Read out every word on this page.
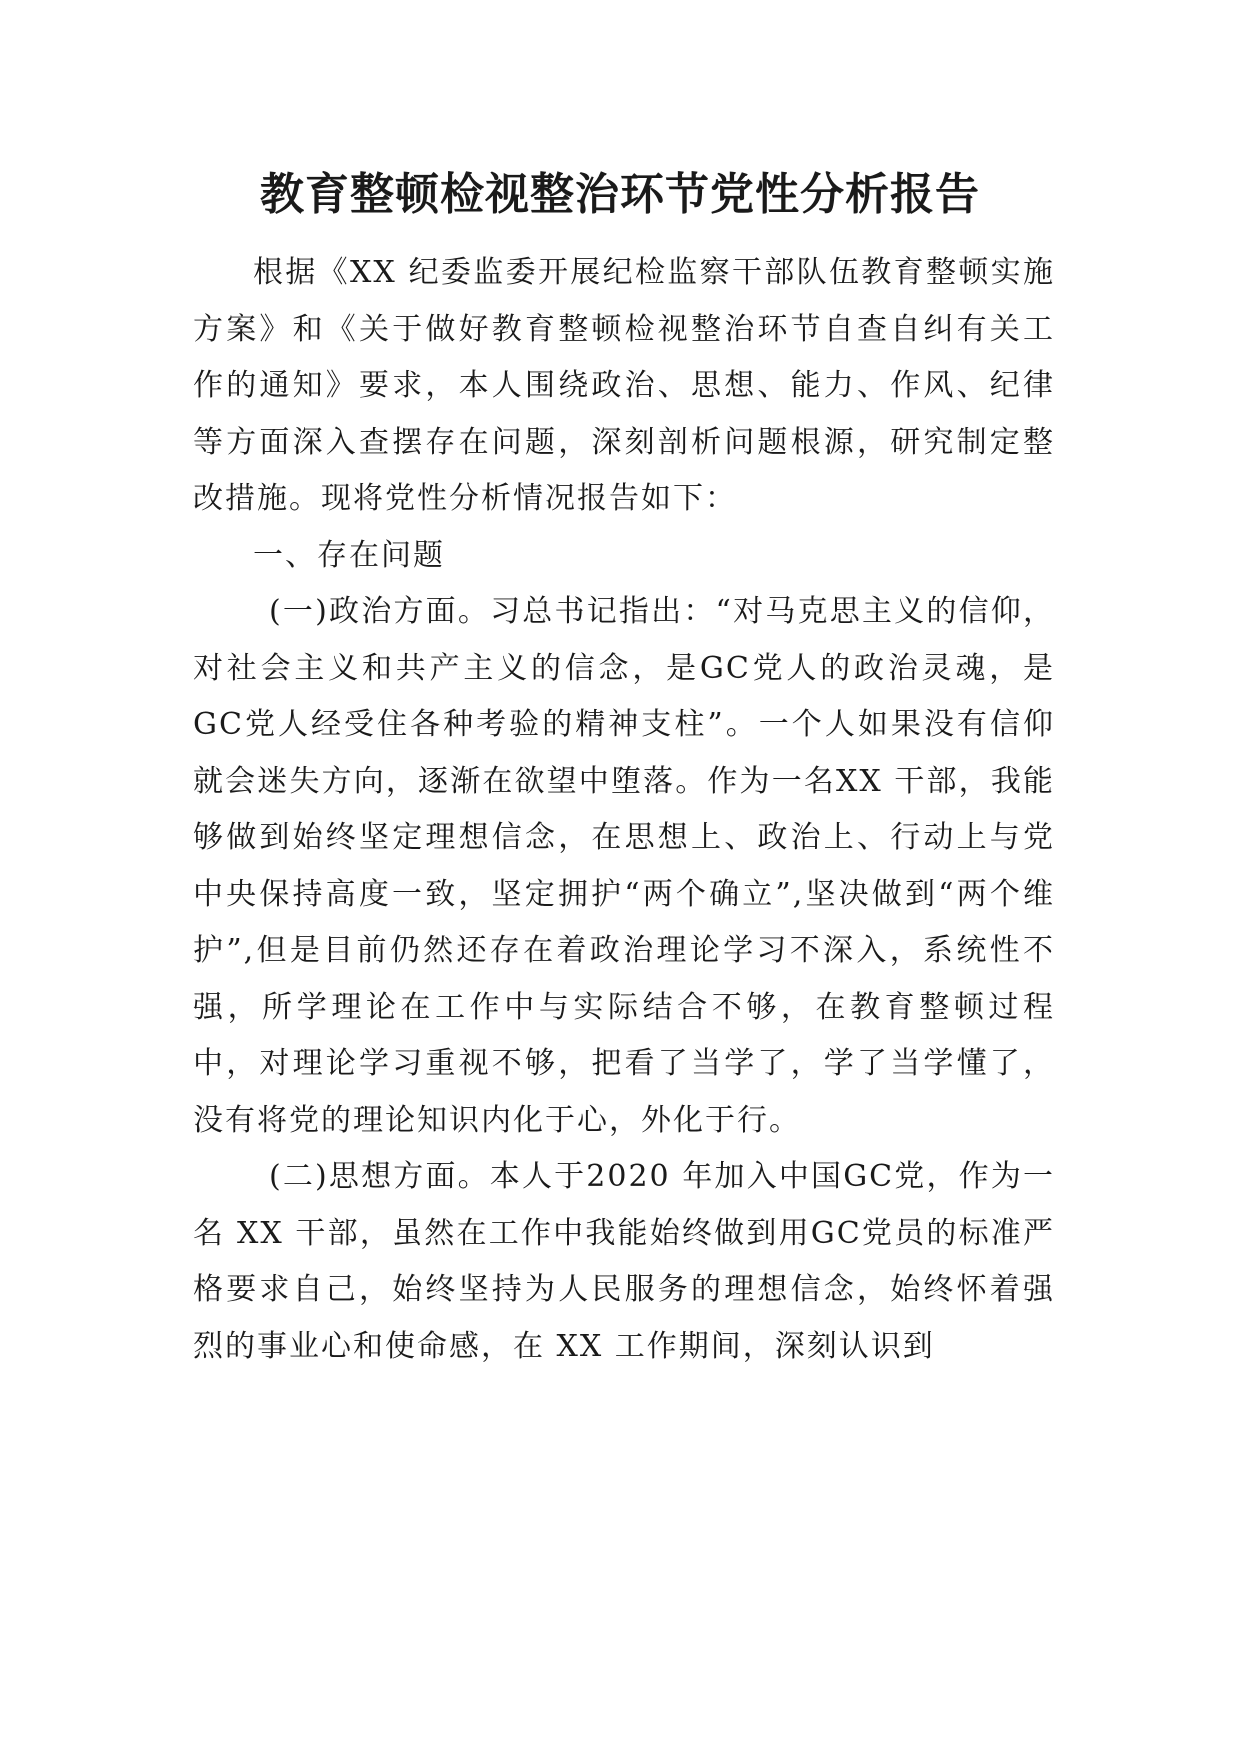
教育整顿检视整治环节党性分析报告

根据《XX 纪委监委开展纪检监察干部队伍教育整顿实施方案》和《关于做好教育整顿检视整治环节自查自纠有关工作的通知》要求，本人围绕政治、思想、能力、作风、纪律等方面深入查摆存在问题，深刻剖析问题根源，研究制定整改措施。现将党性分析情况报告如下：

一、存在问题

(一)政治方面。习总书记指出：“对马克思主义的信仰，对社会主义和共产主义的信念，是GC党人的政治灵魂，是GC党人经受住各种考验的精神支柱”。一个人如果没有信仰就会迷失方向，逐渐在欲望中堕落。作为一名XX 干部，我能够做到始终坚定理想信念，在思想上、政治上、行动上与党中央保持高度一致，坚定拥护“两个确立”,坚决做到“两个维护”,但是目前仍然还存在着政治理论学习不深入，系统性不强，所学理论在工作中与实际结合不够，在教育整顿过程中，对理论学习重视不够，把看了当学了，学了当学懂了，没有将党的理论知识内化于心，外化于行。

(二)思想方面。本人于2020 年加入中国GC党，作为一名 XX 干部，虽然在工作中我能始终做到用GC党员的标准严格要求自己，始终坚持为人民服务的理想信念，始终怀着强烈的事业心和使命感，在 XX 工作期间，深刻认识到
